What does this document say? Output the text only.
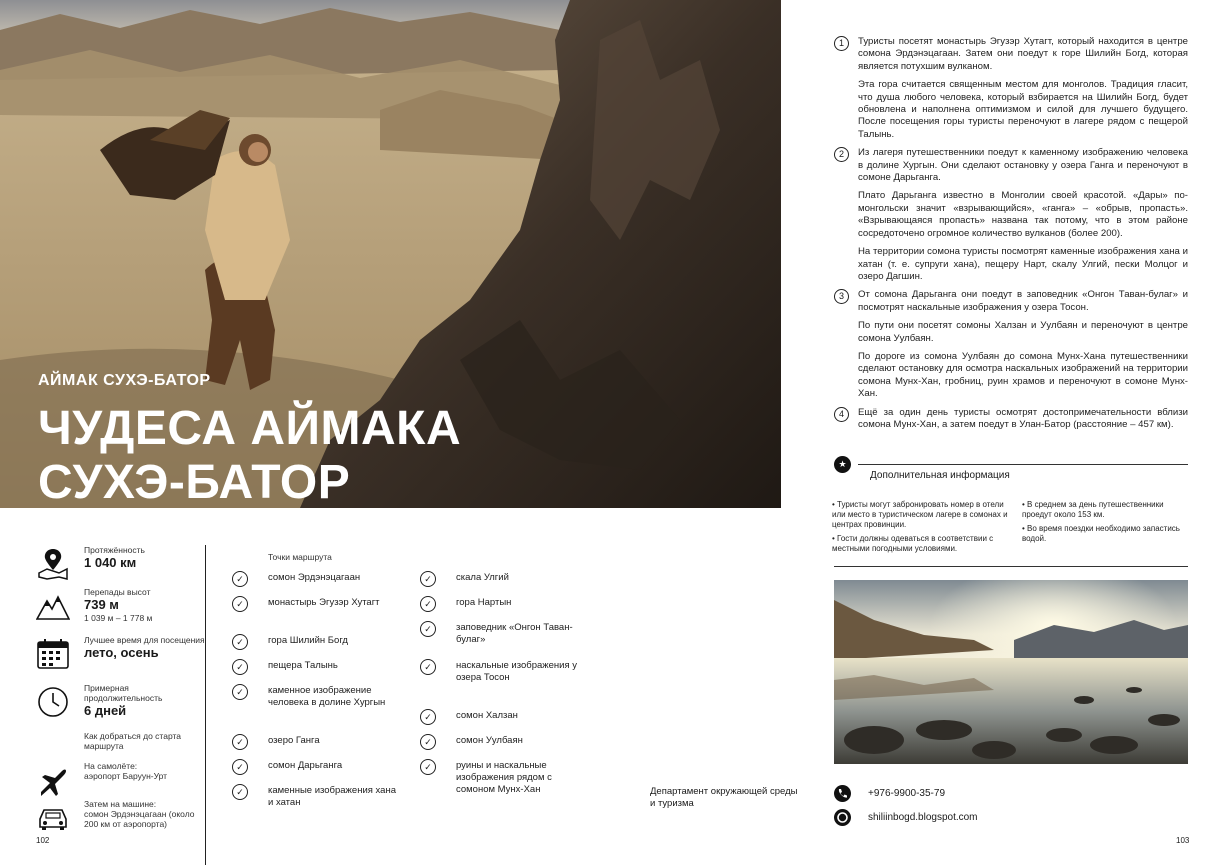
АЙМАК СУХЭ-БАТОР
ЧУДЕСА АЙМАКА СУХЭ-БАТОР
Протяжённость
1 040 км
Перепады высот
739 м
1 039 м – 1 778 м
Лучшее время для посещения
лето, осень
Примерная продолжительность
6 дней
Как добраться до старта маршрута
На самолёте:
аэропорт Баруун-Урт
Затем на машине:
сомон Эрдэнэцагаан (около 200 км от аэропорта)
Точки маршрута
✓	сомон Эрдэнэцагаан
✓	монастырь Эгузэр Хутагт
✓	гора Шилийн Богд
✓	пещера Талынь
✓	каменное изображение человека в долине Хургын
✓	озеро Ганга
✓	сомон Дарьганга
✓	каменные изображения хана и хатан
✓	скала Улгий
✓	гора Нартын
✓	заповедник «Онгон Таван-булаг»
✓	наскальные изображения у озера Тосон
✓	сомон Халзан
✓	сомон Уулбаян
✓	руины и наскальные изображения рядом с сомоном Мунх-Хан	Департамент окружающей среды и туризма
102	103
1	Туристы посетят монастырь Эгузэр Хутагт, который находится в центре сомона Эрдэнэцагаан. Затем они поедут к горе Шилийн Богд, которая является потухшим вулканом.

Эта гора считается священным местом для монголов. Традиция гласит, что душа любого человека, который взбирается на Шилийн Богд, будет обновлена и наполнена оптимизмом и силой для лучшего будущего. После посещения горы туристы переночуют в лагере рядом с пещерой Талынь.

2	Из лагеря путешественники поедут к каменному изображению человека в долине Хургын. Они сделают остановку у озера Ганга и переночуют в сомоне Дарьганга.

Плато Дарьганга известно в Монголии своей красотой. «Дары» по-монгольски значит «взрывающийся», «ганга» – «обрыв, пропасть». «Взрывающаяся пропасть» названа так потому, что в этом районе сосредоточено огромное количество вулканов (более 200).

На территории сомона туристы посмотрят каменные изображения хана и хатан (т. е. супруги хана), пещеру Нарт, скалу Улгий, пески Молцог и озеро Дагшин.

3	От сомона Дарьганга они поедут в заповедник «Онгон Таван-булаг» и посмотрят наскальные изображения у озера Тосон.

По пути они посетят сомоны Халзан и Уулбаян и переночуют в центре сомона Уулбаян.

По дороге из сомона Уулбаян до сомона Мунх-Хана путешественники сделают остановку для осмотра наскальных изображений на территории сомона Мунх-Хан, гробниц, руин храмов и переночуют в сомоне Мунх-Хан.

4	Ещё за один день туристы осмотрят достопримечательности вблизи сомона Мунх-Хан, а затем поедут в Улан-Батор (расстояние – 457 км).

★
Дополнительная информация
• Туристы могут забронировать номер в отели или место в туристическом лагере в сомонах и центрах провинции.
• Гости должны одеваться в соответствии с местными погодными условиями.
• В среднем за день путешественники проедут около 153 км.
• Во время поездки необходимо запастись водой.
+976-9900-35-79
shiliinbogd.blogspot.com
